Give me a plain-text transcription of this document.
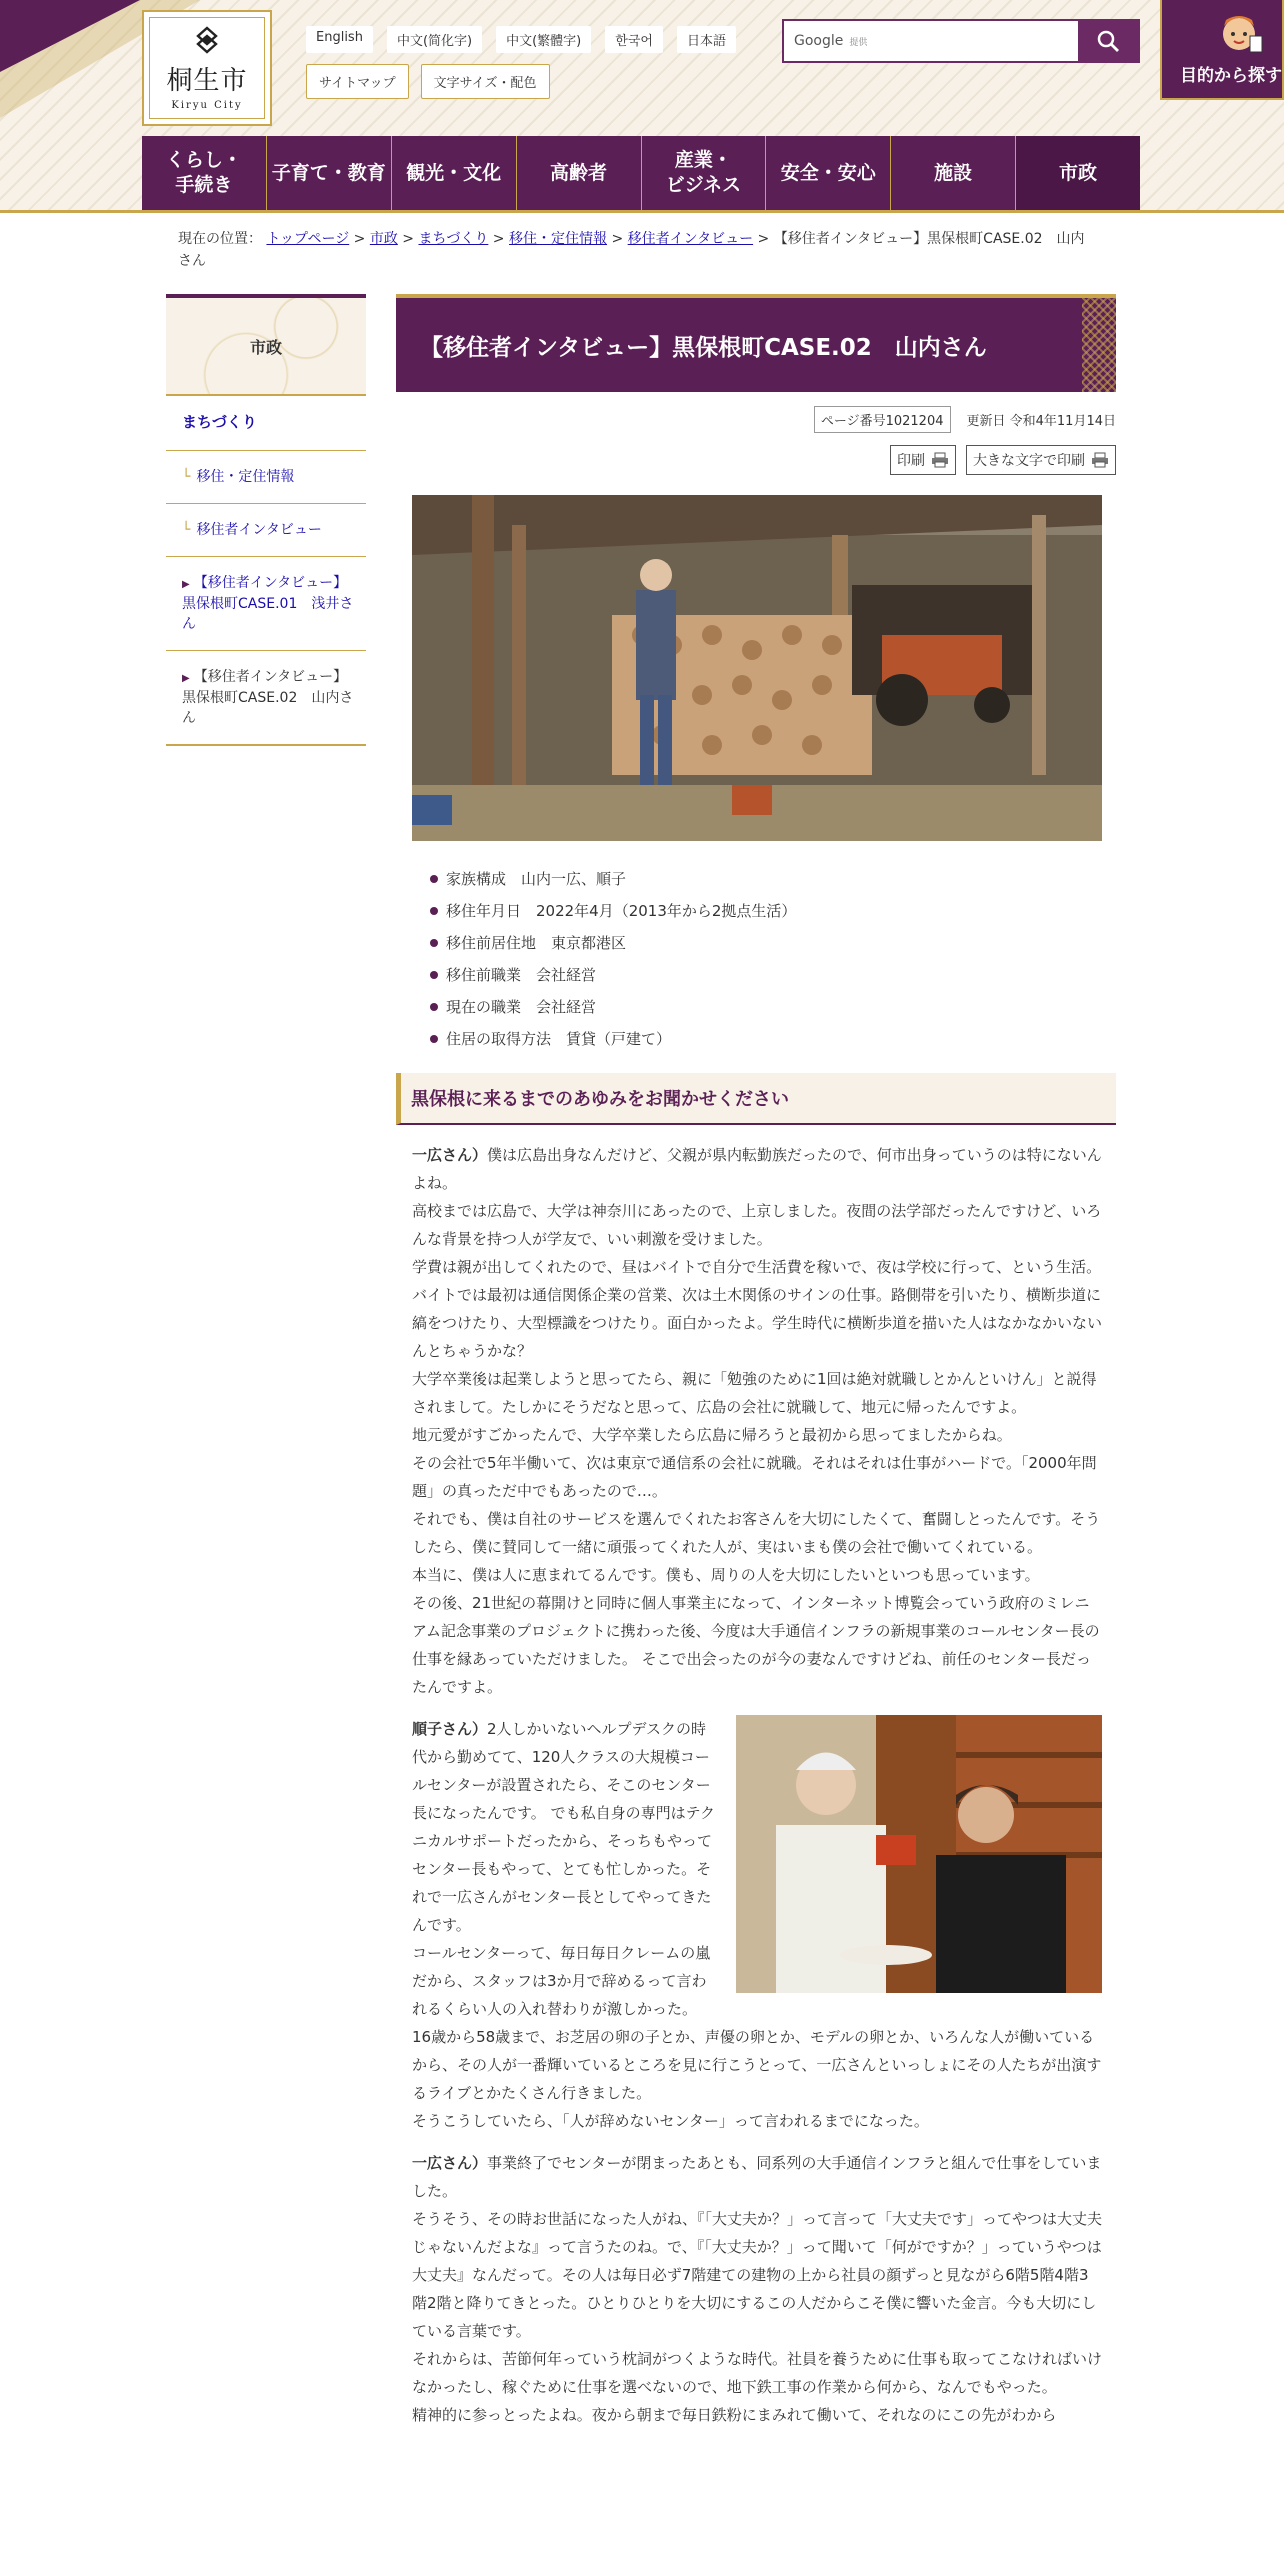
桐生市
Kiryu City
English	中文(简化字)	中文(繁體字)	한국어	日本語
サイトマップ	文字サイズ・配色
Google 提供
目的から探す
くらし・
手続き
子育て・教育	観光・文化	高齢者
産業・
ビジネス
安全・安心	施設	市政
現在の位置： トップページ > 市政 > まちづくり > 移住・定住情報 > 移住者インタビュー > 【移住者インタビュー】黒保根町CASE.02　山内さん
市政
まちづくり
└ 移住・定住情報
└ 移住者インタビュー
▶ 【移住者インタビュー】黒保根町CASE.01　浅井さん
▶ 【移住者インタビュー】黒保根町CASE.02　山内さん
【移住者インタビュー】黒保根町CASE.02　山内さん
ページ番号1021204	更新日 令和4年11月14日
印刷	大きな文字で印刷
家族構成　山内一広、順子
移住年月日　2022年4月（2013年から2拠点生活）
移住前居住地　東京都港区
移住前職業　会社経営
現在の職業　会社経営
住居の取得方法　賃貸（戸建て）
黒保根に来るまでのあゆみをお聞かせください

一広さん）僕は広島出身なんだけど、父親が県内転勤族だったので、何市出身っていうのは特にないんよね。

高校までは広島で、大学は神奈川にあったので、上京しました。夜間の法学部だったんですけど、いろんな背景を持つ人が学友で、いい刺激を受けました。

学費は親が出してくれたので、昼はバイトで自分で生活費を稼いで、夜は学校に行って、という生活。

バイトでは最初は通信関係企業の営業、次は土木関係のサインの仕事。路側帯を引いたり、横断歩道に縞をつけたり、大型標識をつけたり。面白かったよ。学生時代に横断歩道を描いた人はなかなかいないんとちゃうかな？

大学卒業後は起業しようと思ってたら、親に「勉強のために1回は絶対就職しとかんといけん」と説得されまして。たしかにそうだなと思って、広島の会社に就職して、地元に帰ったんですよ。

地元愛がすごかったんで、大学卒業したら広島に帰ろうと最初から思ってましたからね。

その会社で5年半働いて、次は東京で通信系の会社に就職。それはそれは仕事がハードで。「2000年問題」の真っただ中でもあったので…。

それでも、僕は自社のサービスを選んでくれたお客さんを大切にしたくて、奮闘しとったんです。そうしたら、僕に賛同して一緒に頑張ってくれた人が、実はいまも僕の会社で働いてくれている。

本当に、僕は人に恵まれてるんです。僕も、周りの人を大切にしたいといつも思っています。

その後、21世紀の幕開けと同時に個人事業主になって、インターネット博覧会っていう政府のミレニアム記念事業のプロジェクトに携わった後、今度は大手通信インフラの新規事業のコールセンター長の仕事を縁あっていただけました。 そこで出会ったのが今の妻なんですけどね、前任のセンター長だったんですよ。

順子さん）2人しかいないヘルプデスクの時代から勤めてて、120人クラスの大規模コールセンターが設置されたら、そこのセンター長になったんです。 でも私自身の専門はテクニカルサポートだったから、そっちもやってセンター長もやって、とても忙しかった。それで一広さんがセンター長としてやってきたんです。

コールセンターって、毎日毎日クレームの嵐だから、スタッフは3か月で辞めるって言われるくらい人の入れ替わりが激しかった。

16歳から58歳まで、お芝居の卵の子とか、声優の卵とか、モデルの卵とか、いろんな人が働いているから、その人が一番輝いているところを見に行こうとって、一広さんといっしょにその人たちが出演するライブとかたくさん行きました。

そうこうしていたら、「人が辞めないセンター」って言われるまでになった。

一広さん）事業終了でセンターが閉まったあとも、同系列の大手通信インフラと組んで仕事をしていました。

そうそう、その時お世話になった人がね、『「大丈夫か？」って言って「大丈夫です」ってやつは大丈夫じゃないんだよな』って言うたのね。で、『「大丈夫か？」って聞いて「何がですか？」っていうやつは大丈夫』なんだって。その人は毎日必ず7階建ての建物の上から社員の顔ずっと見ながら6階5階4階3階2階と降りてきとった。ひとりひとりを大切にするこの人だからこそ僕に響いた金言。今も大切にしている言葉です。

それからは、苦節何年っていう枕詞がつくような時代。社員を養うために仕事も取ってこなければいけなかったし、稼ぐために仕事を選べないので、地下鉄工事の作業から何から、なんでもやった。

精神的に参っとったよね。夜から朝まで毎日鉄粉にまみれて働いて、それなのにこの先がわから
